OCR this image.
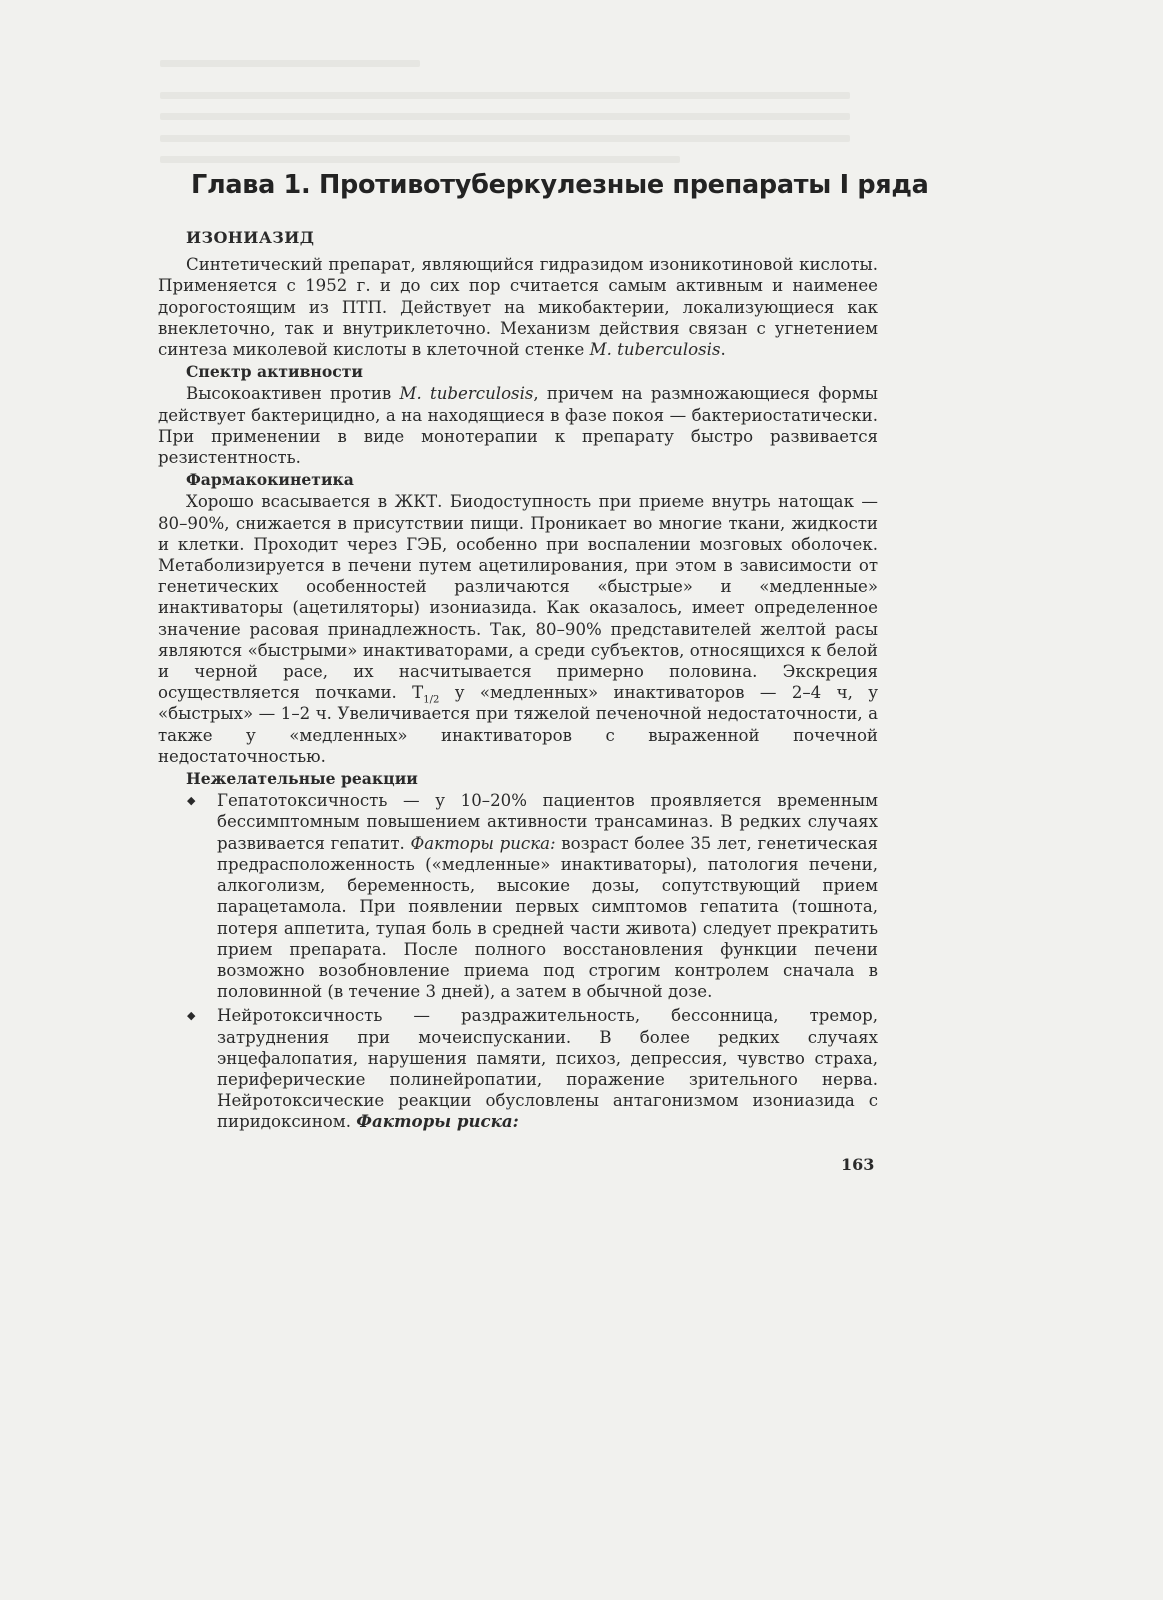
Глава 1. Противотуберкулезные препараты I ряда
ИЗОНИАЗИД

Синтетический препарат, являющийся гидразидом изоникотиновой кислоты. Применяется с 1952 г. и до сих пор считается самым активным и наименее дорогостоящим из ПТП. Действует на микобактерии, локализующиеся как внеклеточно, так и внутриклеточно. Механизм действия связан с угнетением синтеза миколевой кислоты в клеточной стенке M. tuberculosis.

Спектр активности

Высокоактивен против M. tuberculosis, причем на размножающиеся формы действует бактерицидно, а на находящиеся в фазе покоя — бактериостатически. При применении в виде монотерапии к препарату быстро развивается резистентность.

Фармакокинетика

Хорошо всасывается в ЖКТ. Биодоступность при приеме внутрь натощак — 80–90%, снижается в присутствии пищи. Проникает во многие ткани, жидкости и клетки. Проходит через ГЭБ, особенно при воспалении мозговых оболочек. Метаболизируется в печени путем ацетилирования, при этом в зависимости от генетических особенностей различаются «быстрые» и «медленные» инактиваторы (ацетиляторы) изониазида. Как оказалось, имеет определенное значение расовая принадлежность. Так, 80–90% представителей желтой расы являются «быстрыми» инактиваторами, а среди субъектов, относящихся к белой и черной расе, их насчитывается примерно половина. Экскреция осуществляется почками. $Т_{1/2}$ у «медленных» инактиваторов — 2–4 ч, у «быстрых» — 1–2 ч. Увеличивается при тяжелой печеночной недостаточности, а также у «медленных» инактиваторов с выраженной почечной недостаточностью.

Нежелательные реакции
◆ Гепатотоксичность — у 10–20% пациентов проявляется временным бессимптомным повышением активности трансаминаз. В редких случаях развивается гепатит. Факторы риска: возраст более 35 лет, генетическая предрасположенность («медленные» инактиваторы), патология печени, алкоголизм, беременность, высокие дозы, сопутствующий прием парацетамола. При появлении первых симптомов гепатита (тошнота, потеря аппетита, тупая боль в средней части живота) следует прекратить прием препарата. После полного восстановления функции печени возможно возобновление приема под строгим контролем сначала в половинной (в течение 3 дней), а затем в обычной дозе.
◆ Нейротоксичность — раздражительность, бессонница, тремор, затруднения при мочеиспускании. В более редких случаях энцефалопатия, нарушения памяти, психоз, депрессия, чувство страха, периферические полинейропатии, поражение зрительного нерва. Нейротоксические реакции обусловлены антагонизмом изониазида с пиридоксином. Факторы риска:
163
